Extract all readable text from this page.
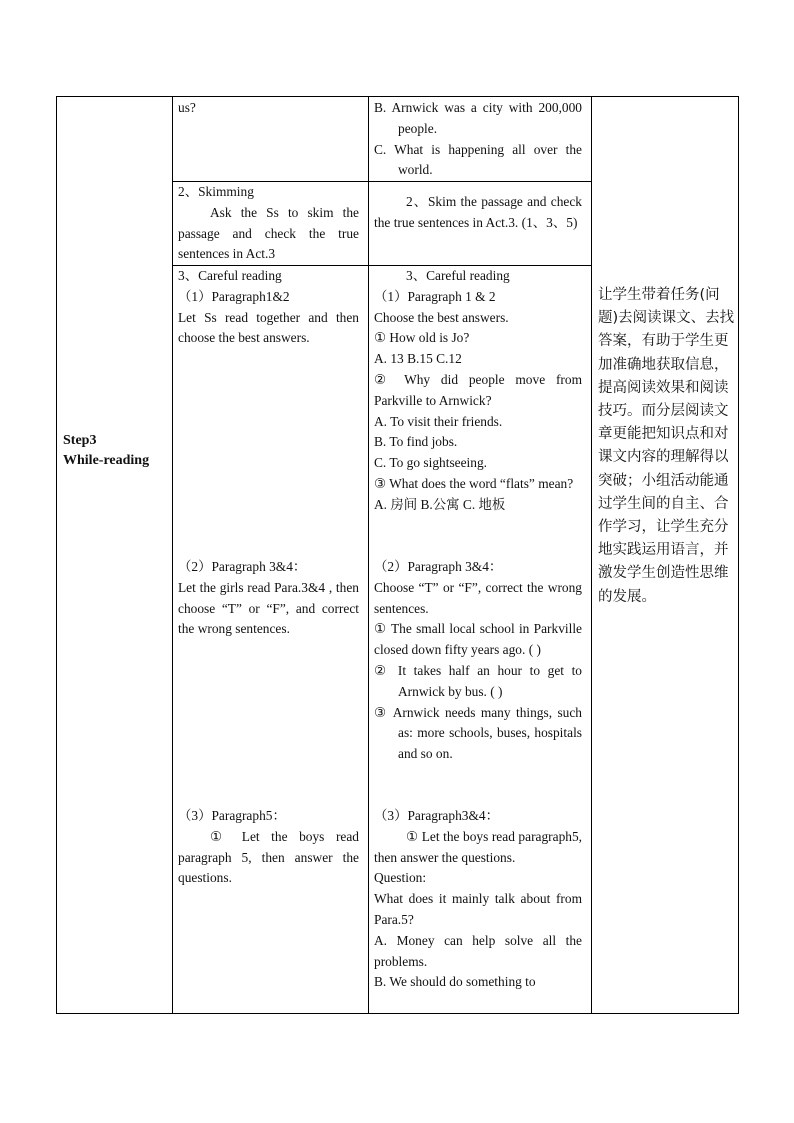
Step3
While-reading

us?

2、Skimming

Ask the Ss to skim the passage and check the true sentences in Act.3

3、Careful reading

（1）Paragraph1&2

Let Ss read together and then choose the best answers.

（2）Paragraph 3&4：

Let the girls read Para.3&4 , then choose “T” or “F”, and correct the wrong sentences.

（3）Paragraph5：

① Let the boys read paragraph 5, then answer the questions.

B. Arnwick was a city with 200,000 people.

C. What is happening all over the world.

2、Skim the passage and check the true sentences in Act.3. (1、3、5)

3、Careful reading

（1）Paragraph 1 & 2

Choose the best answers.

① How old is Jo?

A. 13 B.15 C.12

② Why did people move from Parkville to Arnwick?

A. To visit their friends.

B. To find jobs.

C. To go sightseeing.

③ What does the word “flats” mean?

A. 房间 B.公寓 C. 地板

（2）Paragraph 3&4：

Choose “T” or “F”, correct the wrong sentences.

① The small local school in Parkville closed down fifty years ago. ( )

② It takes half an hour to get to Arnwick by bus. ( )

③ Arnwick needs many things, such as: more schools, buses, hospitals and so on.

（3）Paragraph3&4：

① Let the boys read paragraph5, then answer the questions.

Question:

What does it mainly talk about from Para.5?

A. Money can help solve all the problems.

B. We should do something to

让学生带着任务(问题)去阅读课文、去找答案，有助于学生更加准确地获取信息，提高阅读效果和阅读技巧。而分层阅读文章更能把知识点和对课文内容的理解得以突破；小组活动能通过学生间的自主、合作学习，让学生充分地实践运用语言，并激发学生创造性思维的发展。
